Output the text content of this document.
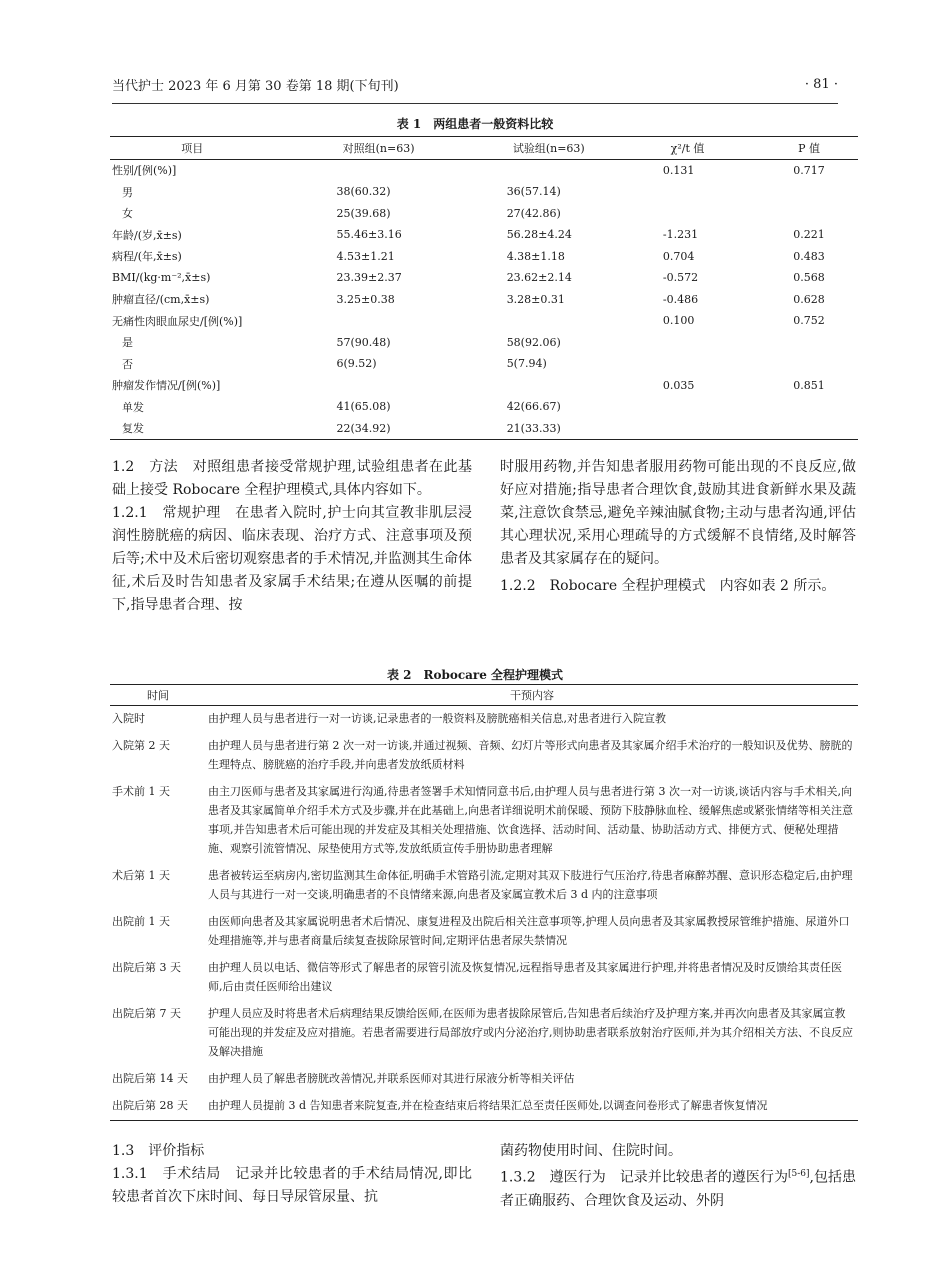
当代护士 2023 年 6 月第 30 卷第 18 期(下旬刊)	· 81 ·
表 1　两组患者一般资料比较
项目	对照组(n=63)	试验组(n=63)	χ²/t 值	P 值
性别/[例(%)]			0.131	0.717
男	38(60.32)	36(57.14)		
女	25(39.68)	27(42.86)		
年龄/(岁,x̄±s)	55.46±3.16	56.28±4.24	-1.231	0.221
病程/(年,x̄±s)	4.53±1.21	4.38±1.18	0.704	0.483
BMI/(kg·m⁻²,x̄±s)	23.39±2.37	23.62±2.14	-0.572	0.568
肿瘤直径/(cm,x̄±s)	3.25±0.38	3.28±0.31	-0.486	0.628
无痛性肉眼血尿史/[例(%)]			0.100	0.752
是	57(90.48)	58(92.06)		
否	6(9.52)	5(7.94)		
肿瘤发作情况/[例(%)]			0.035	0.851
单发	41(65.08)	42(66.67)		
复发	22(34.92)	21(33.33)		

1.2　方法　对照组患者接受常规护理,试验组患者在此基础上接受 Robocare 全程护理模式,具体内容如下。

1.2.1　常规护理　在患者入院时,护士向其宣教非肌层浸润性膀胱癌的病因、临床表现、治疗方式、注意事项及预后等;术中及术后密切观察患者的手术情况,并监测其生命体征,术后及时告知患者及家属手术结果;在遵从医嘱的前提下,指导患者合理、按

时服用药物,并告知患者服用药物可能出现的不良反应,做好应对措施;指导患者合理饮食,鼓励其进食新鲜水果及蔬菜,注意饮食禁忌,避免辛辣油腻食物;主动与患者沟通,评估其心理状况,采用心理疏导的方式缓解不良情绪,及时解答患者及其家属存在的疑问。

1.2.2　Robocare 全程护理模式　内容如表 2 所示。

表 2　Robocare 全程护理模式
时间	干预内容
入院时	由护理人员与患者进行一对一访谈,记录患者的一般资料及膀胱癌相关信息,对患者进行入院宣教
入院第 2 天	由护理人员与患者进行第 2 次一对一访谈,并通过视频、音频、幻灯片等形式向患者及其家属介绍手术治疗的一般知识及优势、膀胱的生理特点、膀胱癌的治疗手段,并向患者发放纸质材料
手术前 1 天	由主刀医师与患者及其家属进行沟通,待患者签署手术知情同意书后,由护理人员与患者进行第 3 次一对一访谈,谈话内容与手术相关,向患者及其家属简单介绍手术方式及步骤,并在此基础上,向患者详细说明术前保暖、预防下肢静脉血栓、缓解焦虑或紧张情绪等相关注意事项,并告知患者术后可能出现的并发症及其相关处理措施、饮食选择、活动时间、活动量、协助活动方式、排便方式、便秘处理措施、观察引流管情况、尿垫使用方式等,发放纸质宣传手册协助患者理解
术后第 1 天	患者被转运至病房内,密切监测其生命体征,明确手术管路引流,定期对其双下肢进行气压治疗,待患者麻醉苏醒、意识形态稳定后,由护理人员与其进行一对一交谈,明确患者的不良情绪来源,向患者及家属宣教术后 3 d 内的注意事项
出院前 1 天	由医师向患者及其家属说明患者术后情况、康复进程及出院后相关注意事项等,护理人员向患者及其家属教授尿管维护措施、尿道外口处理措施等,并与患者商量后续复查拔除尿管时间,定期评估患者尿失禁情况
出院后第 3 天	由护理人员以电话、微信等形式了解患者的尿管引流及恢复情况,远程指导患者及其家属进行护理,并将患者情况及时反馈给其责任医师,后由责任医师给出建议
出院后第 7 天	护理人员应及时将患者术后病理结果反馈给医师,在医师为患者拔除尿管后,告知患者后续治疗及护理方案,并再次向患者及其家属宣教可能出现的并发症及应对措施。若患者需要进行局部放疗或内分泌治疗,则协助患者联系放射治疗医师,并为其介绍相关方法、不良反应及解决措施
出院后第 14 天	由护理人员了解患者膀胱改善情况,并联系医师对其进行尿液分析等相关评估
出院后第 28 天	由护理人员提前 3 d 告知患者来院复查,并在检查结束后将结果汇总至责任医师处,以调查问卷形式了解患者恢复情况

1.3　评价指标

1.3.1　手术结局　记录并比较患者的手术结局情况,即比较患者首次下床时间、每日导尿管尿量、抗

菌药物使用时间、住院时间。

1.3.2　遵医行为　记录并比较患者的遵医行为[5-6],包括患者正确服药、合理饮食及运动、外阴
